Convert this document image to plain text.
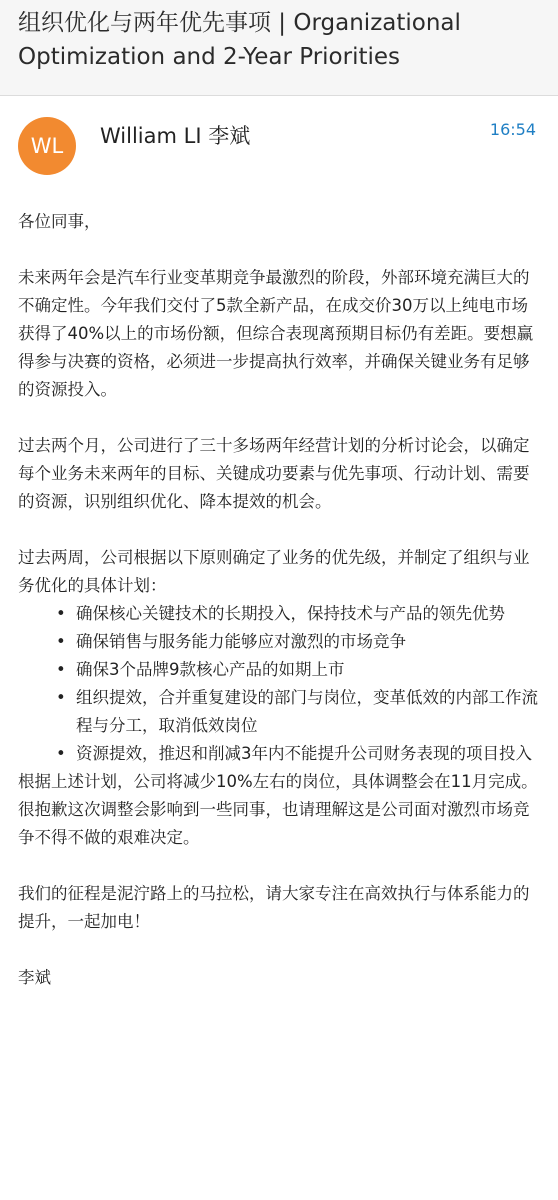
组织优化与两年优先事项 | Organizational Optimization and 2-Year Priorities
WL	William LI 李斌	16:54

各位同事，

未来两年会是汽车行业变革期竞争最激烈的阶段，外部环境充满巨大的不确定性。今年我们交付了5款全新产品，在成交价30万以上纯电市场获得了40%以上的市场份额，但综合表现离预期目标仍有差距。要想赢得参与决赛的资格，必须进一步提高执行效率，并确保关键业务有足够的资源投入。

过去两个月，公司进行了三十多场两年经营计划的分析讨论会，以确定每个业务未来两年的目标、关键成功要素与优先事项、行动计划、需要的资源，识别组织优化、降本提效的机会。

过去两周，公司根据以下原则确定了业务的优先级，并制定了组织与业务优化的具体计划：

• 确保核心关键技术的长期投入，保持技术与产品的领先优势
• 确保销售与服务能力能够应对激烈的市场竞争
• 确保3个品牌9款核心产品的如期上市
• 组织提效，合并重复建设的部门与岗位，变革低效的内部工作流程与分工，取消低效岗位
• 资源提效，推迟和削减3年内不能提升公司财务表现的项目投入

根据上述计划，公司将减少10%左右的岗位，具体调整会在11月完成。很抱歉这次调整会影响到一些同事，也请理解这是公司面对激烈市场竞争不得不做的艰难决定。

我们的征程是泥泞路上的马拉松，请大家专注在高效执行与体系能力的提升，一起加电！

李斌
